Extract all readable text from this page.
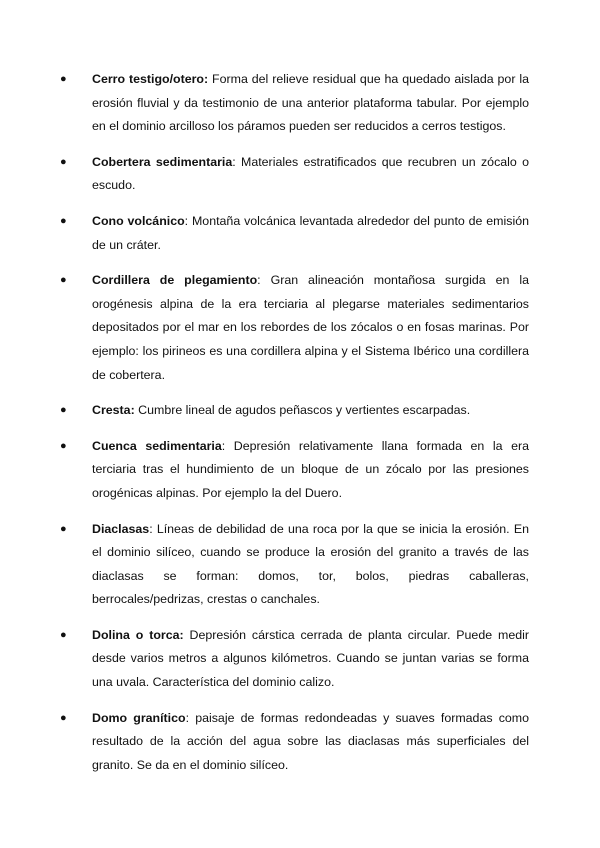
● Cerro testigo/otero: Forma del relieve residual que ha quedado aislada por la erosión fluvial y da testimonio de una anterior plataforma tabular. Por ejemplo en el dominio arcilloso los páramos pueden ser reducidos a cerros testigos.
● Cobertera sedimentaria: Materiales estratificados que recubren un zócalo o escudo.
● Cono volcánico: Montaña volcánica levantada alrededor del punto de emisión de un cráter.
● Cordillera de plegamiento: Gran alineación montañosa surgida en la orogénesis alpina de la era terciaria al plegarse materiales sedimentarios depositados por el mar en los rebordes de los zócalos o en fosas marinas. Por ejemplo: los pirineos es una cordillera alpina y el Sistema Ibérico una cordillera de cobertera.
● Cresta: Cumbre lineal de agudos peñascos y vertientes escarpadas.
● Cuenca sedimentaria: Depresión relativamente llana formada en la era terciaria tras el hundimiento de un bloque de un zócalo por las presiones orogénicas alpinas. Por ejemplo la del Duero.
● Diaclasas: Líneas de debilidad de una roca por la que se inicia la erosión. En el dominio silíceo, cuando se produce la erosión del granito a través de las diaclasas se forman: domos, tor, bolos, piedras caballeras, berrocales/pedrizas, crestas o canchales.
● Dolina o torca: Depresión cárstica cerrada de planta circular. Puede medir desde varios metros a algunos kilómetros. Cuando se juntan varias se forma una uvala. Característica del dominio calizo.
● Domo granítico: paisaje de formas redondeadas y suaves formadas como resultado de la acción del agua sobre las diaclasas más superficiales del granito. Se da en el dominio silíceo.
